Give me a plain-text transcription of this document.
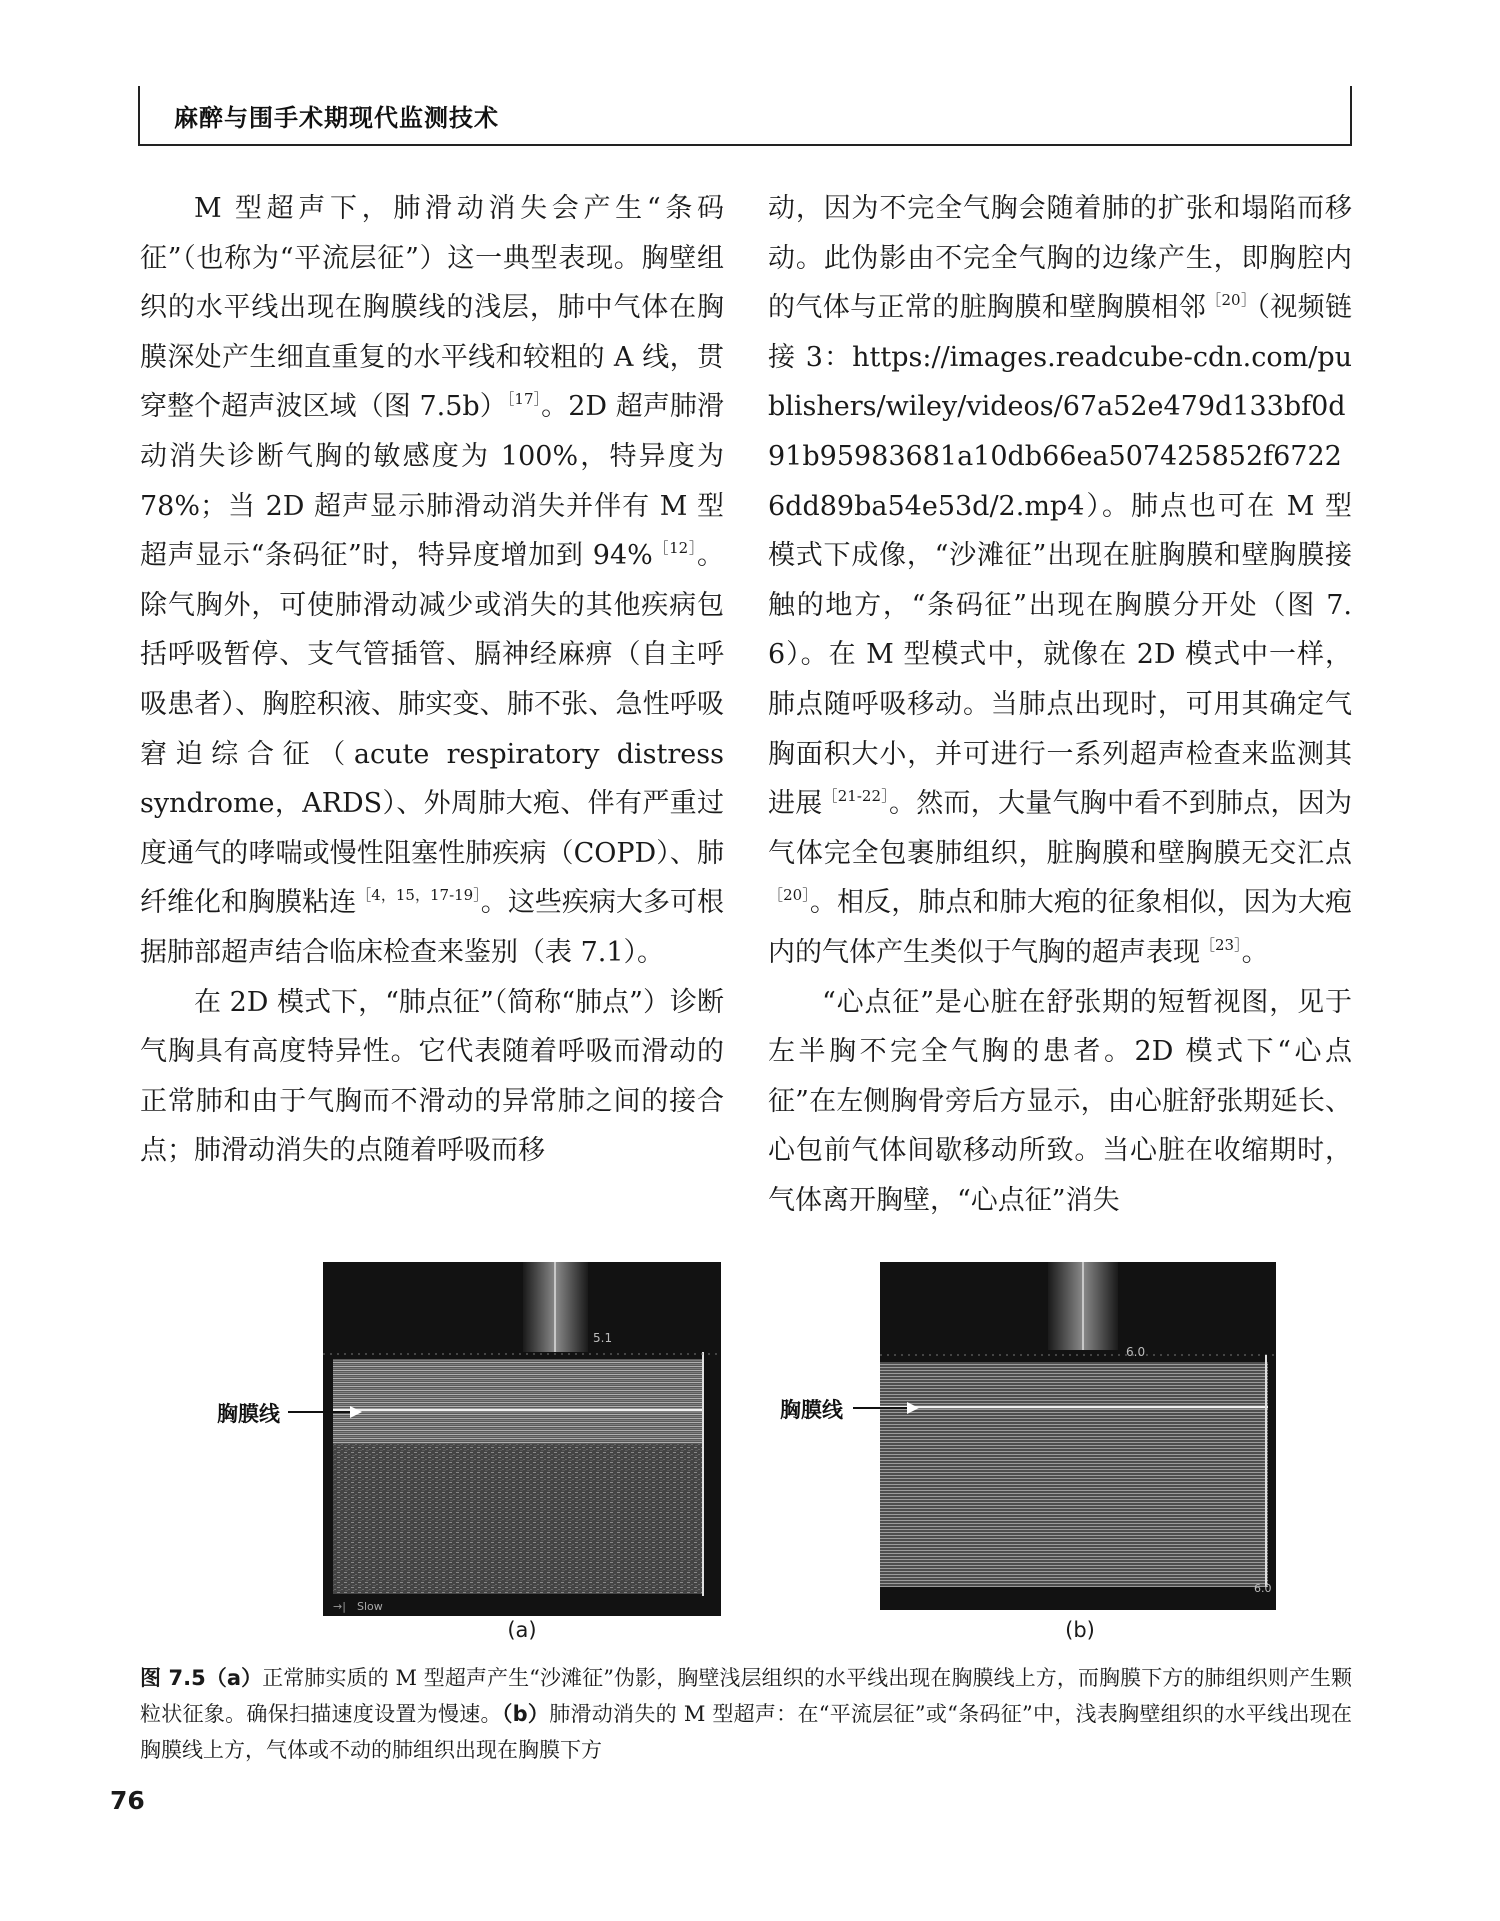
麻醉与围手术期现代监测技术

M 型超声下，肺滑动消失会产生“条码征”（也称为“平流层征”）这一典型表现。胸壁组织的水平线出现在胸膜线的浅层，肺中气体在胸膜深处产生细直重复的水平线和较粗的 A 线，贯穿整个超声波区域（图 7.5b）$^{[17]}$。2D 超声肺滑动消失诊断气胸的敏感度为 100%，特异度为 78%；当 2D 超声显示肺滑动消失并伴有 M 型超声显示“条码征”时，特异度增加到 94%$^{[12]}$。除气胸外，可使肺滑动减少或消失的其他疾病包括呼吸暂停、支气管插管、膈神经麻痹（自主呼吸患者）、胸腔积液、肺实变、肺不张、急性呼吸窘迫综合征（acute respiratory distress syndrome，ARDS）、外周肺大疱、伴有严重过度通气的哮喘或慢性阻塞性肺疾病（COPD）、肺纤维化和胸膜粘连$^{[4,15,17-19]}$。这些疾病大多可根据肺部超声结合临床检查来鉴别（表 7.1）。

在 2D 模式下，“肺点征”（简称“肺点”）诊断气胸具有高度特异性。它代表随着呼吸而滑动的正常肺和由于气胸而不滑动的异常肺之间的接合点；肺滑动消失的点随着呼吸而移

动，因为不完全气胸会随着肺的扩张和塌陷而移动。此伪影由不完全气胸的边缘产生，即胸腔内的气体与正常的脏胸膜和壁胸膜相邻$^{[20]}$（视频链接 3：https://images.readcube-cdn.com/publishers/wiley/videos/67a52e479d133bf0d91b95983681a10db66ea507425852f67226dd89ba54e53d/2.mp4）。肺点也可在 M 型模式下成像，“沙滩征”出现在脏胸膜和壁胸膜接触的地方，“条码征”出现在胸膜分开处（图 7.6）。在 M 型模式中，就像在 2D 模式中一样，肺点随呼吸移动。当肺点出现时，可用其确定气胸面积大小，并可进行一系列超声检查来监测其进展$^{[21-22]}$。然而，大量气胸中看不到肺点，因为气体完全包裹肺组织，脏胸膜和壁胸膜无交汇点$^{[20]}$。相反，肺点和肺大疱的征象相似，因为大疱内的气体产生类似于气胸的超声表现$^{[23]}$。

“心点征”是心脏在舒张期的短暂视图，见于左半胸不完全气胸的患者。2D 模式下“心点征”在左侧胸骨旁后方显示，由心脏舒张期延长、心包前气体间歇移动所致。当心脏在收缩期时，气体离开胸壁，“心点征”消失

5.1
→| Slow
胸膜线
(a)
6.0
6.0
胸膜线
(b)
图 7.5（a）正常肺实质的 M 型超声产生“沙滩征”伪影，胸壁浅层组织的水平线出现在胸膜线上方，而胸膜下方的肺组织则产生颗粒状征象。确保扫描速度设置为慢速。（b）肺滑动消失的 M 型超声：在“平流层征”或“条码征”中，浅表胸壁组织的水平线出现在胸膜线上方，气体或不动的肺组织出现在胸膜下方
76
